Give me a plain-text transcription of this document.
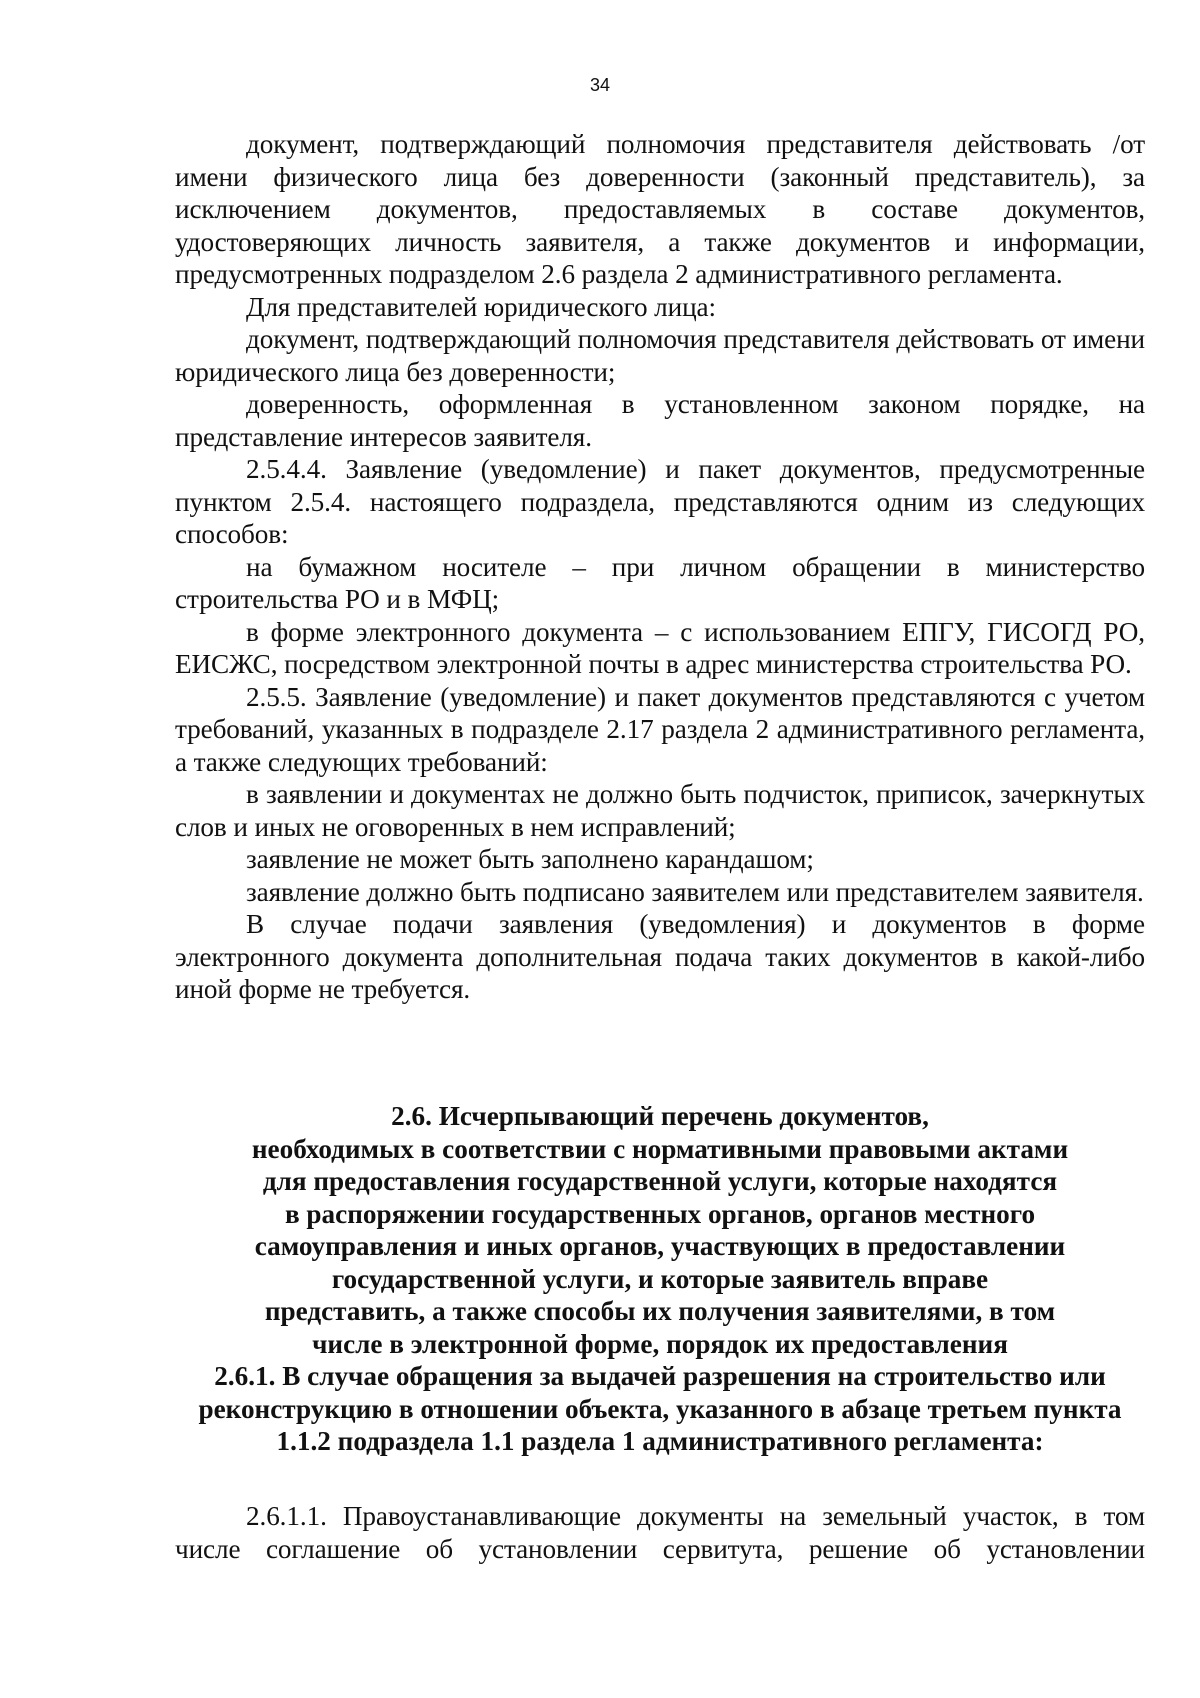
34

документ, подтверждающий полномочия представителя действовать /от имени физического лица без доверенности (законный представитель), за исключением документов, предоставляемых в составе документов, удостоверяющих личность заявителя, а также документов и информации, предусмотренных подразделом 2.6 раздела 2 административного регламента.

Для представителей юридического лица:

документ, подтверждающий полномочия представителя действовать от имени юридического лица без доверенности;

доверенность, оформленная в установленном законом порядке, на представление интересов заявителя.

2.5.4.4. Заявление (уведомление) и пакет документов, предусмотренные пунктом 2.5.4. настоящего подраздела, представляются одним из следующих способов:

на бумажном носителе – при личном обращении в министерство строительства РО и в МФЦ;

в форме электронного документа – с использованием ЕПГУ, ГИСОГД РО, ЕИСЖС, посредством электронной почты в адрес министерства строительства РО.

2.5.5. Заявление (уведомление) и пакет документов представляются с учетом требований, указанных в подразделе 2.17 раздела 2 административного регламента, а также следующих требований:

в заявлении и документах не должно быть подчисток, приписок, зачеркнутых слов и иных не оговоренных в нем исправлений;

заявление не может быть заполнено карандашом;

заявление должно быть подписано заявителем или представителем заявителя.

В случае подачи заявления (уведомления) и документов в форме электронного документа дополнительная подача таких документов в какой-либо иной форме не требуется.

2.6. Исчерпывающий перечень документов,
необходимых в соответствии с нормативными правовыми актами
для предоставления государственной услуги, которые находятся
в распоряжении государственных органов, органов местного
самоуправления и иных органов, участвующих в предоставлении
государственной услуги, и которые заявитель вправе
представить, а также способы их получения заявителями, в том
числе в электронной форме, порядок их предоставления
2.6.1. В случае обращения за выдачей разрешения на строительство или
реконструкцию в отношении объекта, указанного в абзаце третьем пункта
1.1.2 подраздела 1.1 раздела 1 административного регламента:

2.6.1.1. Правоустанавливающие документы на земельный участок, в том числе соглашение об установлении сервитута, решение об установлении
